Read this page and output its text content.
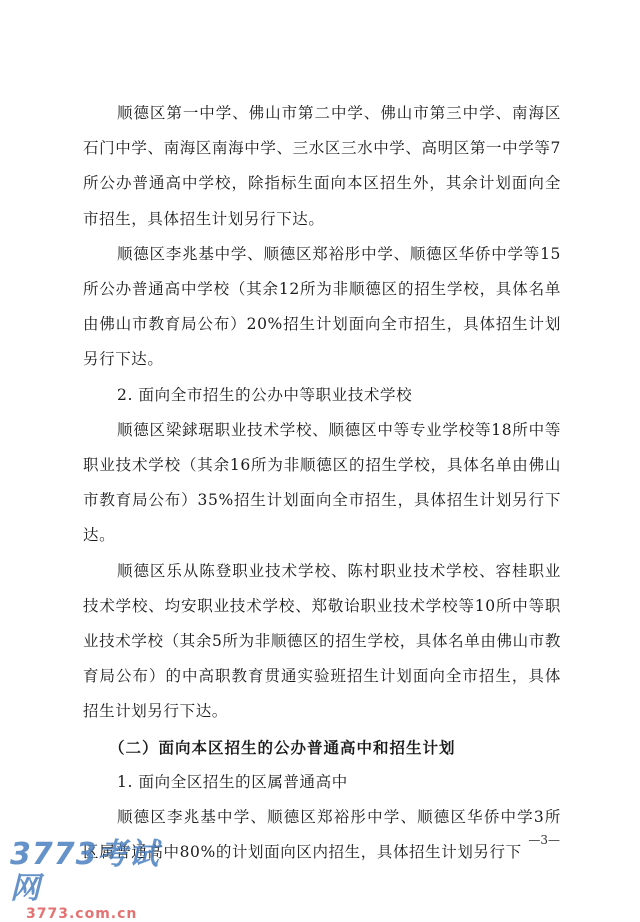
顺德区第一中学、佛山市第二中学、佛山市第三中学、南海区石门中学、南海区南海中学、三水区三水中学、高明区第一中学等7所公办普通高中学校，除指标生面向本区招生外，其余计划面向全市招生，具体招生计划另行下达。

顺德区李兆基中学、顺德区郑裕彤中学、顺德区华侨中学等15所公办普通高中学校（其余12所为非顺德区的招生学校，具体名单由佛山市教育局公布）20%招生计划面向全市招生，具体招生计划另行下达。

2. 面向全市招生的公办中等职业技术学校

顺德区梁銶琚职业技术学校、顺德区中等专业学校等18所中等职业技术学校（其余16所为非顺德区的招生学校，具体名单由佛山市教育局公布）35%招生计划面向全市招生，具体招生计划另行下达。

顺德区乐从陈登职业技术学校、陈村职业技术学校、容桂职业技术学校、均安职业技术学校、郑敬诒职业技术学校等10所中等职业技术学校（其余5所为非顺德区的招生学校，具体名单由佛山市教育局公布）的中高职教育贯通实验班招生计划面向全市招生，具体招生计划另行下达。

（二）面向本区招生的公办普通高中和招生计划

1. 面向全区招生的区属普通高中

顺德区李兆基中学、顺德区郑裕彤中学、顺德区华侨中学3所区属普通高中80%的计划面向区内招生，具体招生计划另行下

—3—
3773考试网
3773.com.cn
